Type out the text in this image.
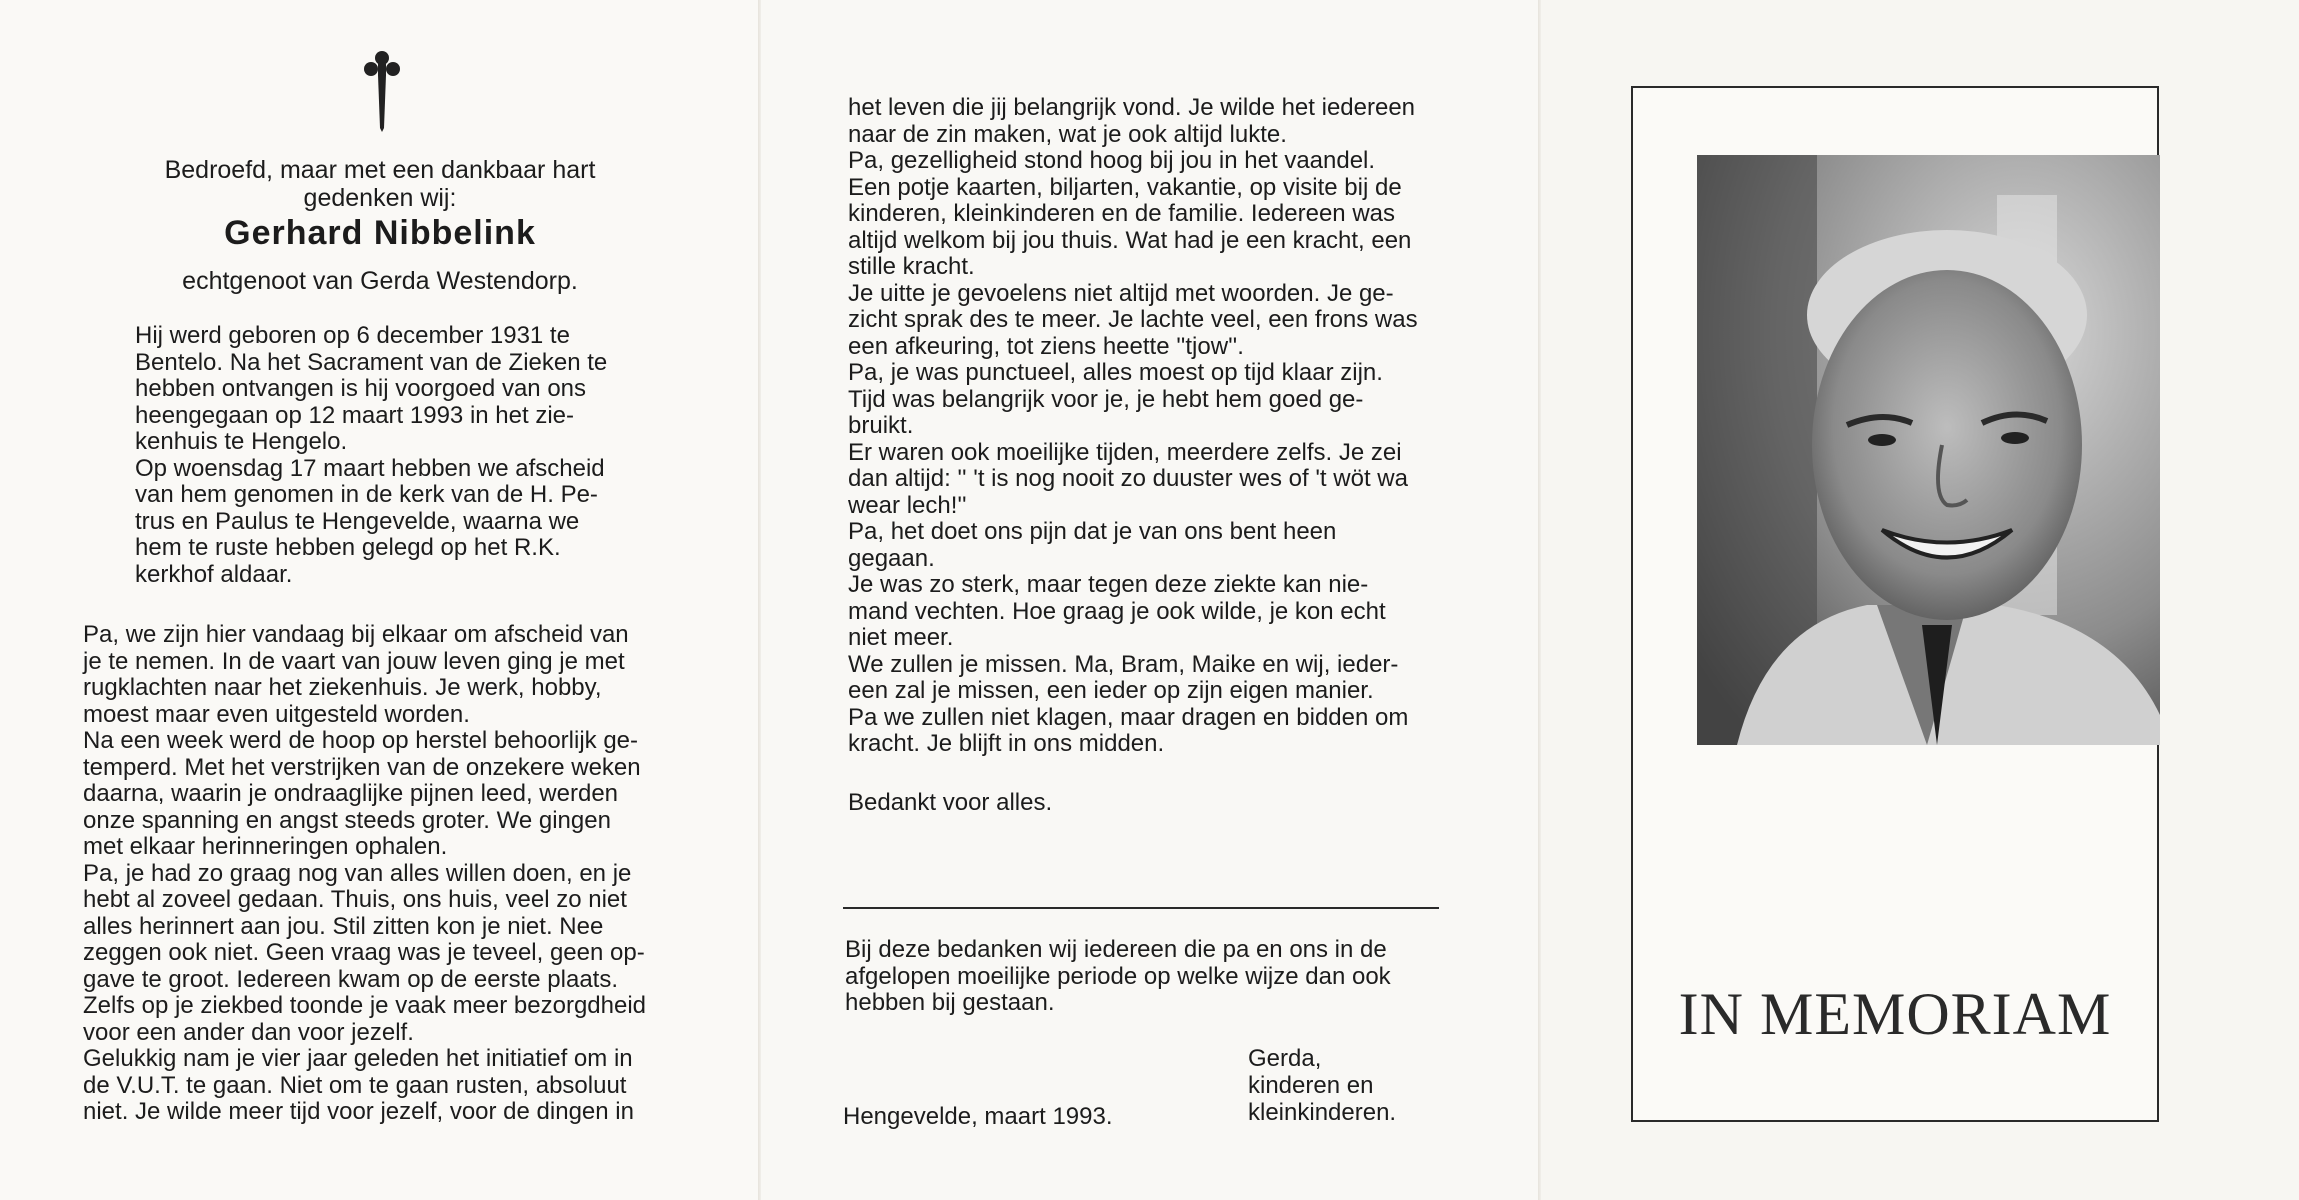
Bedroefd, maar met een dankbaar hart
gedenken wij:
Gerhard Nibbelink
echtgenoot van Gerda Westendorp.

Hij werd geboren op 6 december 1931 te

Bentelo. Na het Sacrament van de Zieken te

hebben ontvangen is hij voorgoed van ons

heengegaan op 12 maart 1993 in het zie-

kenhuis te Hengelo.

Op woensdag 17 maart hebben we afscheid

van hem genomen in de kerk van de H. Pe-

trus en Paulus te Hengevelde, waarna we

hem te ruste hebben gelegd op het R.K.

kerkhof aldaar.

Pa, we zijn hier vandaag bij elkaar om afscheid van

je te nemen. In de vaart van jouw leven ging je met

rugklachten naar het ziekenhuis. Je werk, hobby,

moest maar even uitgesteld worden.

Na een week werd de hoop op herstel behoorlijk ge-

temperd. Met het verstrijken van de onzekere weken

daarna, waarin je ondraaglijke pijnen leed, werden

onze spanning en angst steeds groter. We gingen

met elkaar herinneringen ophalen.

Pa, je had zo graag nog van alles willen doen, en je

hebt al zoveel gedaan. Thuis, ons huis, veel zo niet

alles herinnert aan jou. Stil zitten kon je niet. Nee

zeggen ook niet. Geen vraag was je teveel, geen op-

gave te groot. Iedereen kwam op de eerste plaats.

Zelfs op je ziekbed toonde je vaak meer bezorgdheid

voor een ander dan voor jezelf.

Gelukkig nam je vier jaar geleden het initiatief om in

de V.U.T. te gaan. Niet om te gaan rusten, absoluut

niet. Je wilde meer tijd voor jezelf, voor de dingen in

het leven die jij belangrijk vond. Je wilde het iedereen

naar de zin maken, wat je ook altijd lukte.

Pa, gezelligheid stond hoog bij jou in het vaandel.

Een potje kaarten, biljarten, vakantie, op visite bij de

kinderen, kleinkinderen en de familie. Iedereen was

altijd welkom bij jou thuis. Wat had je een kracht, een

stille kracht.

Je uitte je gevoelens niet altijd met woorden. Je ge-

zicht sprak des te meer. Je lachte veel, een frons was

een afkeuring, tot ziens heette ''tjow''.

Pa, je was punctueel, alles moest op tijd klaar zijn.

Tijd was belangrijk voor je, je hebt hem goed ge-

bruikt.

Er waren ook moeilijke tijden, meerdere zelfs. Je zei

dan altijd: '' 't is nog nooit zo duuster wes of 't wöt wa

wear lech!''

Pa, het doet ons pijn dat je van ons bent heen

gegaan.

Je was zo sterk, maar tegen deze ziekte kan nie-

mand vechten. Hoe graag je ook wilde, je kon echt

niet meer.

We zullen je missen. Ma, Bram, Maike en wij, ieder-

een zal je missen, een ieder op zijn eigen manier.

Pa we zullen niet klagen, maar dragen en bidden om

kracht. Je blijft in ons midden.

Bedankt voor alles.

Bij deze bedanken wij iedereen die pa en ons in de

afgelopen moeilijke periode op welke wijze dan ook

hebben bij gestaan.

Hengevelde, maart 1993.
Gerda,
kinderen en
kleinkinderen.
IN MEMORIAM
